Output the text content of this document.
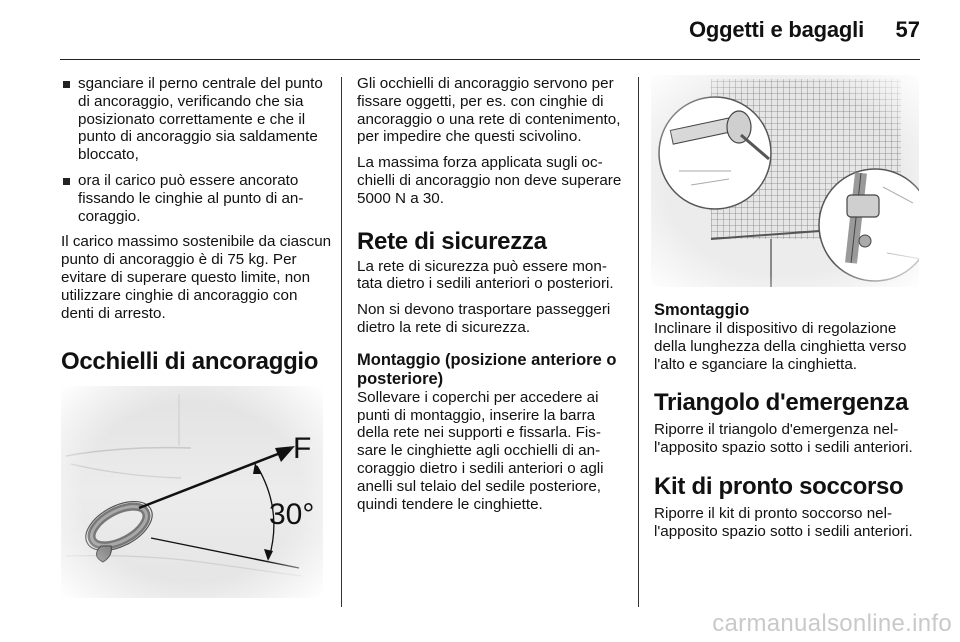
Oggetti e bagagli 57
sganciare il perno centrale del punto di ancoraggio, verificando che sia posizionato correttamente e che il punto di ancoraggio sia saldamente bloccato,
ora il carico può essere ancorato fissando le cinghie al punto di ancoraggio.

Il carico massimo sostenibile da ciascun punto di ancoraggio è di 75 kg. Per evitare di superare questo limite, non utilizzare cinghie di ancoraggio con denti di arresto.

Occhielli di ancoraggio
F
30°

Gli occhielli di ancoraggio servono per fissare oggetti, per es. con cinghie di ancoraggio o una rete di contenimento, per impedire che questi scivolino.

La massima forza applicata sugli occhielli di ancoraggio non deve superare 5000 N a 30.

Rete di sicurezza

La rete di sicurezza può essere montata dietro i sedili anteriori o posteriori.

Non si devono trasportare passeggeri dietro la rete di sicurezza.

Montaggio (posizione anteriore o posteriore)

Sollevare i coperchi per accedere ai punti di montaggio, inserire la barra della rete nei supporti e fissarla. Fissare le cinghiette agli occhielli di ancoraggio dietro i sedili anteriori o agli anelli sul telaio del sedile posteriore, quindi tendere le cinghiette.

Smontaggio

Inclinare il dispositivo di regolazione della lunghezza della cinghietta verso l'alto e sganciare la cinghietta.

Triangolo d'emergenza

Riporre il triangolo d'emergenza nell'apposito spazio sotto i sedili anteriori.

Kit di pronto soccorso

Riporre il kit di pronto soccorso nell'apposito spazio sotto i sedili anteriori.

carmanualsonline.info
